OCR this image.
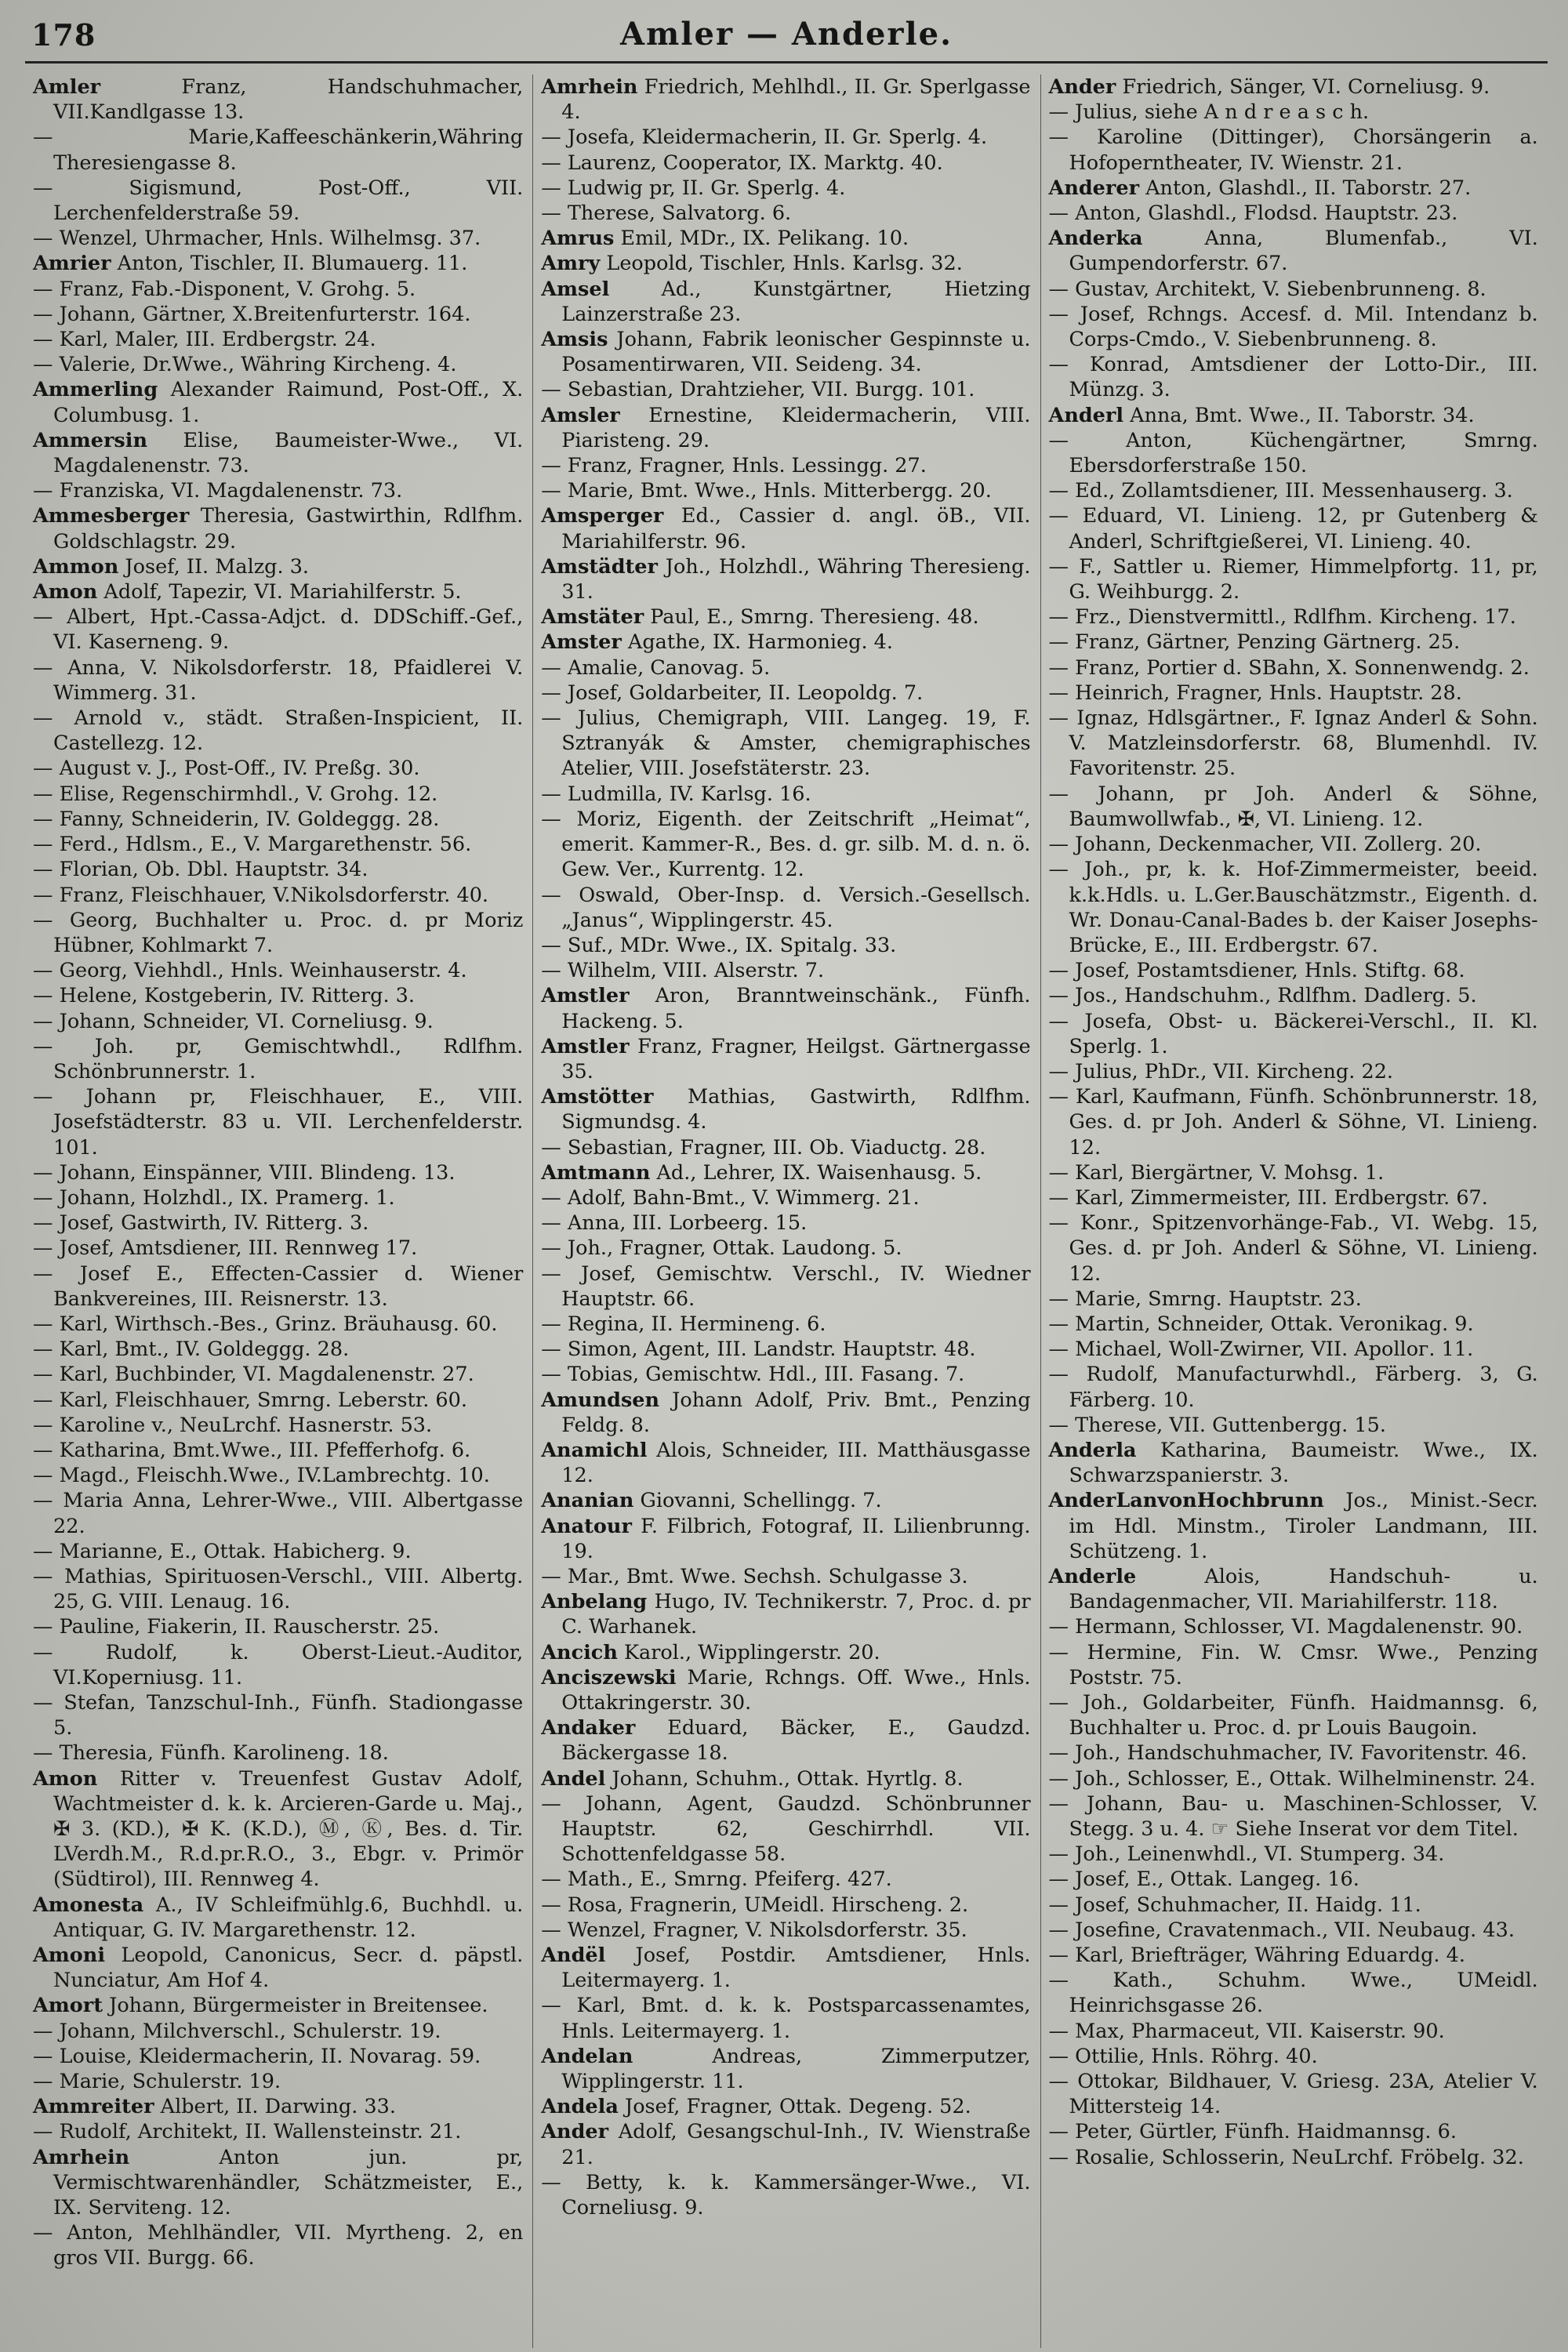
178	Amler — Anderle.

Amler Franz, Handschuhmacher, VII.Kandlgasse 13.

— Marie,Kaffeeschänkerin,Währing Theresiengasse 8.

— Sigismund, Post-Off., VII. Lerchenfelderstraße 59.

— Wenzel, Uhrmacher, Hnls. Wilhelmsg. 37.

Amrier Anton, Tischler, II. Blumauerg. 11.

— Franz, Fab.-Disponent, V. Grohg. 5.

— Johann, Gärtner, X.Breitenfurterstr. 164.

— Karl, Maler, III. Erdbergstr. 24.

— Valerie, Dr.Wwe., Währing Kircheng. 4.

Ammerling Alexander Raimund, Post-Off., X. Columbusg. 1.

Ammersin Elise, Baumeister-Wwe., VI. Magdalenenstr. 73.

— Franziska, VI. Magdalenenstr. 73.

Ammesberger Theresia, Gastwirthin, Rdlfhm. Goldschlagstr. 29.

Ammon Josef, II. Malzg. 3.

Amon Adolf, Tapezir, VI. Mariahilferstr. 5.

— Albert, Hpt.-Cassa-Adjct. d. DDSchiff.-Gef., VI. Kaserneng. 9.

— Anna, V. Nikolsdorferstr. 18, Pfaidlerei V. Wimmerg. 31.

— Arnold v., städt. Straßen-Inspicient, II. Castellezg. 12.

— August v. J., Post-Off., IV. Preßg. 30.

— Elise, Regenschirmhdl., V. Grohg. 12.

— Fanny, Schneiderin, IV. Goldeggg. 28.

— Ferd., Hdlsm., E., V. Margarethenstr. 56.

— Florian, Ob. Dbl. Hauptstr. 34.

— Franz, Fleischhauer, V.Nikolsdorferstr. 40.

— Georg, Buchhalter u. Proc. d. pr Moriz Hübner, Kohlmarkt 7.

— Georg, Viehhdl., Hnls. Weinhauserstr. 4.

— Helene, Kostgeberin, IV. Ritterg. 3.

— Johann, Schneider, VI. Corneliusg. 9.

— Joh. pr, Gemischtwhdl., Rdlfhm. Schönbrunnerstr. 1.

— Johann pr, Fleischhauer, E., VIII. Josefstädterstr. 83 u. VII. Lerchenfelderstr. 101.

— Johann, Einspänner, VIII. Blindeng. 13.

— Johann, Holzhdl., IX. Pramerg. 1.

— Josef, Gastwirth, IV. Ritterg. 3.

— Josef, Amtsdiener, III. Rennweg 17.

— Josef E., Effecten-Cassier d. Wiener Bankvereines, III. Reisnerstr. 13.

— Karl, Wirthsch.-Bes., Grinz. Bräuhausg. 60.

— Karl, Bmt., IV. Goldeggg. 28.

— Karl, Buchbinder, VI. Magdalenenstr. 27.

— Karl, Fleischhauer, Smrng. Leberstr. 60.

— Karoline v., NeuLrchf. Hasnerstr. 53.

— Katharina, Bmt.Wwe., III. Pfefferhofg. 6.

— Magd., Fleischh.Wwe., IV.Lambrechtg. 10.

— Maria Anna, Lehrer-Wwe., VIII. Albertgasse 22.

— Marianne, E., Ottak. Habicherg. 9.

— Mathias, Spirituosen-Verschl., VIII. Albertg. 25, G. VIII. Lenaug. 16.

— Pauline, Fiakerin, II. Rauscherstr. 25.

— Rudolf, k. Oberst-Lieut.-Auditor, VI.Koperniusg. 11.

— Stefan, Tanzschul-Inh., Fünfh. Stadiongasse 5.

— Theresia, Fünfh. Karolineng. 18.

Amon Ritter v. Treuenfest Gustav Adolf, Wachtmeister d. k. k. Arcieren-Garde u. Maj., ✠ 3. (KD.), ✠ K. (K.D.), Ⓜ, Ⓚ, Bes. d. Tir. LVerdh.M., R.d.pr.R.O., 3., Ebgr. v. Primör (Südtirol), III. Rennweg 4.

Amonesta A., IV Schleifmühlg.6, Buchhdl. u. Antiquar, G. IV. Margarethenstr. 12.

Amoni Leopold, Canonicus, Secr. d. päpstl. Nunciatur, Am Hof 4.

Amort Johann, Bürgermeister in Breitensee.

— Johann, Milchverschl., Schulerstr. 19.

— Louise, Kleidermacherin, II. Novarag. 59.

— Marie, Schulerstr. 19.

Ammreiter Albert, II. Darwing. 33.

— Rudolf, Architekt, II. Wallensteinstr. 21.

Amrhein Anton jun. pr, Vermischtwarenhändler, Schätzmeister, E., IX. Serviteng. 12.

— Anton, Mehlhändler, VII. Myrtheng. 2, en gros VII. Burgg. 66.

Amrhein Friedrich, Mehlhdl., II. Gr. Sperlgasse 4.

— Josefa, Kleidermacherin, II. Gr. Sperlg. 4.

— Laurenz, Cooperator, IX. Marktg. 40.

— Ludwig pr, II. Gr. Sperlg. 4.

— Therese, Salvatorg. 6.

Amrus Emil, MDr., IX. Pelikang. 10.

Amry Leopold, Tischler, Hnls. Karlsg. 32.

Amsel Ad., Kunstgärtner, Hietzing Lainzerstraße 23.

Amsis Johann, Fabrik leonischer Gespinnste u. Posamentirwaren, VII. Seideng. 34.

— Sebastian, Drahtzieher, VII. Burgg. 101.

Amsler Ernestine, Kleidermacherin, VIII. Piaristeng. 29.

— Franz, Fragner, Hnls. Lessingg. 27.

— Marie, Bmt. Wwe., Hnls. Mitterbergg. 20.

Amsperger Ed., Cassier d. angl. öB., VII. Mariahilferstr. 96.

Amstädter Joh., Holzhdl., Währing Theresieng. 31.

Amstäter Paul, E., Smrng. Theresieng. 48.

Amster Agathe, IX. Harmonieg. 4.

— Amalie, Canovag. 5.

— Josef, Goldarbeiter, II. Leopoldg. 7.

— Julius, Chemigraph, VIII. Langeg. 19, F. Sztranyák & Amster, chemigraphisches Atelier, VIII. Josefstäterstr. 23.

— Ludmilla, IV. Karlsg. 16.

— Moriz, Eigenth. der Zeitschrift „Heimat“, emerit. Kammer-R., Bes. d. gr. silb. M. d. n. ö. Gew. Ver., Kurrentg. 12.

— Oswald, Ober-Insp. d. Versich.-Gesellsch. „Janus“, Wipplingerstr. 45.

— Suf., MDr. Wwe., IX. Spitalg. 33.

— Wilhelm, VIII. Alserstr. 7.

Amstler Aron, Branntweinschänk., Fünfh. Hackeng. 5.

Amstler Franz, Fragner, Heilgst. Gärtnergasse 35.

Amstötter Mathias, Gastwirth, Rdlfhm. Sigmundsg. 4.

— Sebastian, Fragner, III. Ob. Viaductg. 28.

Amtmann Ad., Lehrer, IX. Waisenhausg. 5.

— Adolf, Bahn-Bmt., V. Wimmerg. 21.

— Anna, III. Lorbeerg. 15.

— Joh., Fragner, Ottak. Laudong. 5.

— Josef, Gemischtw. Verschl., IV. Wiedner Hauptstr. 66.

— Regina, II. Hermineng. 6.

— Simon, Agent, III. Landstr. Hauptstr. 48.

— Tobias, Gemischtw. Hdl., III. Fasang. 7.

Amundsen Johann Adolf, Priv. Bmt., Penzing Feldg. 8.

Anamichl Alois, Schneider, III. Matthäusgasse 12.

Ananian Giovanni, Schellingg. 7.

Anatour F. Filbrich, Fotograf, II. Lilienbrunng. 19.

— Mar., Bmt. Wwe. Sechsh. Schulgasse 3.

Anbelang Hugo, IV. Technikerstr. 7, Proc. d. pr C. Warhanek.

Ancich Karol., Wipplingerstr. 20.

Anciszewski Marie, Rchngs. Off. Wwe., Hnls. Ottakringerstr. 30.

Andaker Eduard, Bäcker, E., Gaudzd. Bäckergasse 18.

Andel Johann, Schuhm., Ottak. Hyrtlg. 8.

— Johann, Agent, Gaudzd. Schönbrunner Hauptstr. 62, Geschirrhdl. VII. Schottenfeldgasse 58.

— Math., E., Smrng. Pfeiferg. 427.

— Rosa, Fragnerin, UMeidl. Hirscheng. 2.

— Wenzel, Fragner, V. Nikolsdorferstr. 35.

Andël Josef, Postdir. Amtsdiener, Hnls. Leitermayerg. 1.

— Karl, Bmt. d. k. k. Postsparcassenamtes, Hnls. Leitermayerg. 1.

Andelan Andreas, Zimmerputzer, Wipplingerstr. 11.

Andela Josef, Fragner, Ottak. Degeng. 52.

Ander Adolf, Gesangschul-Inh., IV. Wienstraße 21.

— Betty, k. k. Kammersänger-Wwe., VI. Corneliusg. 9.

Ander Friedrich, Sänger, VI. Corneliusg. 9.

— Julius, siehe A n d r e a s c h.

— Karoline (Dittinger), Chorsängerin a. Hofoperntheater, IV. Wienstr. 21.

Anderer Anton, Glashdl., II. Taborstr. 27.

— Anton, Glashdl., Flodsd. Hauptstr. 23.

Anderka Anna, Blumenfab., VI. Gumpendorferstr. 67.

— Gustav, Architekt, V. Siebenbrunneng. 8.

— Josef, Rchngs. Accesf. d. Mil. Intendanz b. Corps-Cmdo., V. Siebenbrunneng. 8.

— Konrad, Amtsdiener der Lotto-Dir., III. Münzg. 3.

Anderl Anna, Bmt. Wwe., II. Taborstr. 34.

— Anton, Küchengärtner, Smrng. Ebersdorferstraße 150.

— Ed., Zollamtsdiener, III. Messenhauserg. 3.

— Eduard, VI. Linieng. 12, pr Gutenberg & Anderl, Schriftgießerei, VI. Linieng. 40.

— F., Sattler u. Riemer, Himmelpfortg. 11, pr, G. Weihburgg. 2.

— Frz., Dienstvermittl., Rdlfhm. Kircheng. 17.

— Franz, Gärtner, Penzing Gärtnerg. 25.

— Franz, Portier d. SBahn, X. Sonnenwendg. 2.

— Heinrich, Fragner, Hnls. Hauptstr. 28.

— Ignaz, Hdlsgärtner., F. Ignaz Anderl & Sohn. V. Matzleinsdorferstr. 68, Blumenhdl. IV. Favoritenstr. 25.

— Johann, pr Joh. Anderl & Söhne, Baumwollwfab., ✠, VI. Linieng. 12.

— Johann, Deckenmacher, VII. Zollerg. 20.

— Joh., pr, k. k. Hof-Zimmermeister, beeid. k.k.Hdls. u. L.Ger.Bauschätzmstr., Eigenth. d. Wr. Donau-Canal-Bades b. der Kaiser Josephs-Brücke, E., III. Erdbergstr. 67.

— Josef, Postamtsdiener, Hnls. Stiftg. 68.

— Jos., Handschuhm., Rdlfhm. Dadlerg. 5.

— Josefa, Obst- u. Bäckerei-Verschl., II. Kl. Sperlg. 1.

— Julius, PhDr., VII. Kircheng. 22.

— Karl, Kaufmann, Fünfh. Schönbrunnerstr. 18, Ges. d. pr Joh. Anderl & Söhne, VI. Linieng. 12.

— Karl, Biergärtner, V. Mohsg. 1.

— Karl, Zimmermeister, III. Erdbergstr. 67.

— Konr., Spitzenvorhänge-Fab., VI. Webg. 15, Ges. d. pr Joh. Anderl & Söhne, VI. Linieng. 12.

— Marie, Smrng. Hauptstr. 23.

— Martin, Schneider, Ottak. Veronikag. 9.

— Michael, Woll-Zwirner, VII. Apolloг. 11.

— Rudolf, Manufacturwhdl., Färberg. 3, G. Färberg. 10.

— Therese, VII. Guttenbergg. 15.

Anderla Katharina, Baumeistr. Wwe., IX. Schwarzspanierstr. 3.

AnderLanvonHochbrunn Jos., Minist.-Secr. im Hdl. Minstm., Tiroler Landmann, III. Schützeng. 1.

Anderle Alois, Handschuh- u. Bandagenmacher, VII. Mariahilferstr. 118.

— Hermann, Schlosser, VI. Magdalenenstr. 90.

— Hermine, Fin. W. Cmsr. Wwe., Penzing Poststr. 75.

— Joh., Goldarbeiter, Fünfh. Haidmannsg. 6, Buchhalter u. Proc. d. pr Louis Baugoin.

— Joh., Handschuhmacher, IV. Favoritenstr. 46.

— Joh., Schlosser, E., Ottak. Wilhelminenstr. 24.

— Johann, Bau- u. Maschinen-Schlosser, V. Stegg. 3 u. 4. ☞ Siehe Inserat vor dem Titel.

— Joh., Leinenwhdl., VI. Stumperg. 34.

— Josef, E., Ottak. Langeg. 16.

— Josef, Schuhmacher, II. Haidg. 11.

— Josefine, Cravatenmach., VII. Neubaug. 43.

— Karl, Briefträger, Währing Eduardg. 4.

— Kath., Schuhm. Wwe., UMeidl. Heinrichsgasse 26.

— Max, Pharmaceut, VII. Kaiserstr. 90.

— Ottilie, Hnls. Röhrg. 40.

— Ottokar, Bildhauer, V. Griesg. 23A, Atelier V. Mittersteig 14.

— Peter, Gürtler, Fünfh. Haidmannsg. 6.

— Rosalie, Schlosserin, NeuLrchf. Fröbelg. 32.
